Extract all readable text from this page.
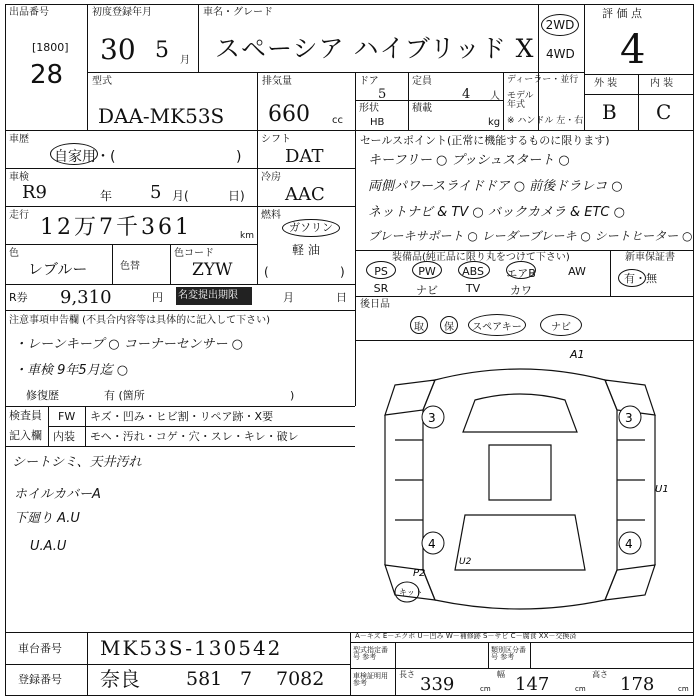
出品番号
[1800]
28
初度登録年月
30 5 月
車名・グレード
スペーシア ハイブリッド X
2WD
4WD
評 価 点
4
外 装	内 装
B C
型式
DAA-MK53S
排気量
660 cc
ドア
5
定員
4 人
形状
HB
積載
kg
ディーラー・並行
モデル 年式
※ ハンドル 左・右
車歴
自家用・(	)
車検
R9	年 5 月(	日)
走行 12万7千361	km
色
レブルー	色替
色コード
ZYW
シフト
DAT
冷房
AAC
燃料
ガソリン
軽 油
(	)
R券 9,310	円 名変提出期限	月	日
注意事項申告欄 (不具合内容等は具体的に記入して下さい)
・レーンキープ ○ コーナーセンサー ○
・車検 9年5月迄 ○
修復歴	有 (箇所	)
検査員
記入欄
FW キズ・凹み・ヒビ割・リペア跡・X要
内装 モヘ・汚れ・コゲ・穴・スレ・キレ・破レ
シートシミ、天井汚れ
ホイルカバーA
下廻り A.U
U.A.U
セールスポイント(正常に機能するものに限ります)
キーフリー ○ プッシュスタート ○
両側パワースライドドア ○ 前後ドラレコ ○
ネットナビ & TV ○ バックカメラ & ETC ○
ブレーキサポート ○ レーダーブレーキ ○ シートヒーター ○
装備品(純正品に限り丸をつけて下さい)	新車保証書
PS	PW	ABS	エアB	AW
SR	ナビ	TV	カワ
有・無
後日品
取	保	スペアキー	ナビ
A1
3	3
4	4
U1
P2
U2
キット
車台番号 MK53S-130542
登録番号 奈良 581 7 7082
A－キズ E－エクボ U－凹み W－補修跡 S－サビ C－腐食 XX－交換済
型式指定番号 参考
類別区分番号 参考
車検証明用 参考
長さ 339	cm
幅 147	cm
高さ 178	cm
